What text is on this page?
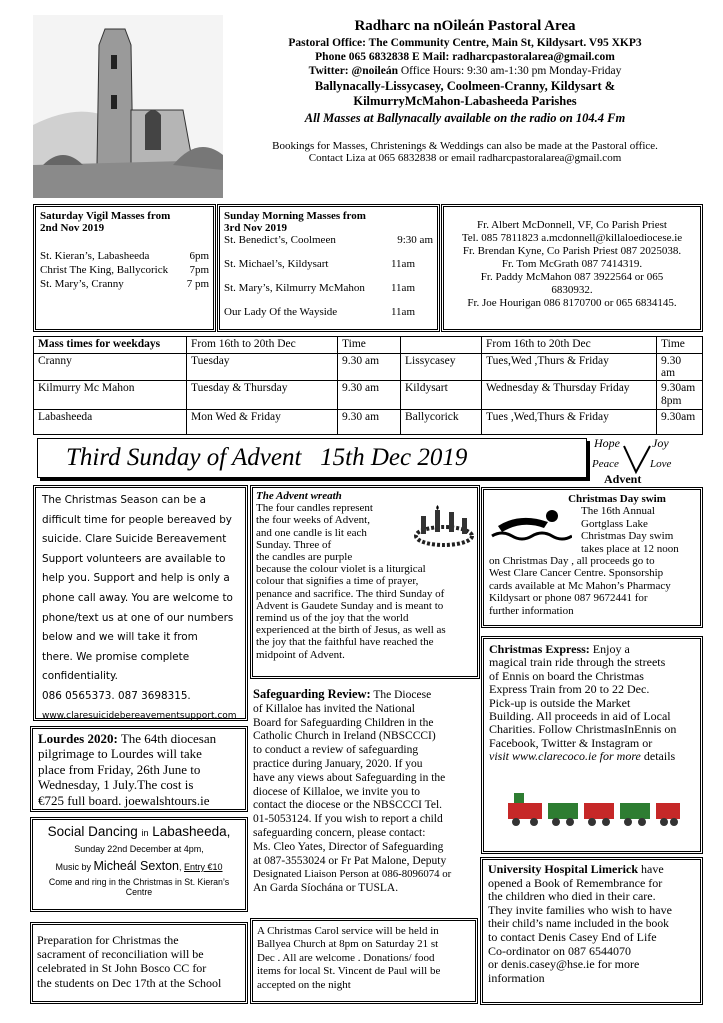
Radharc na nOileán Pastoral Area

Pastoral Office: The Community Centre, Main St, Kildysart. V95 XKP3

Phone 065 6832838 E Mail: radharcpastoralarea@gmail.com

Twitter: @noileán Office Hours: 9:30 am-1:30 pm Monday-Friday

Ballynacally-Lissycasey, Coolmeen-Cranny, Kildysart &

KilmurryMcMahon-Labasheeda Parishes

All Masses at Ballynacally available on the radio on 104.4 Fm

Bookings for Masses, Christenings & Weddings can also be made at the Pastoral office.

Contact Liza at 065 6832838 or email radharcpastoralarea@gmail.com

Saturday Vigil Masses from

2nd Nov 2019

St. Kieran’s, Labasheeda	6pm
Christ The King, Ballycorick 7pm
St. Mary’s, Cranny	7 pm

Sunday Morning Masses from

3rd Nov 2019

St. Benedict’s, Coolmeen	9:30 am
St. Michael’s, Kildysart	11am
St. Mary’s, Kilmurry McMahon 11am
Our Lady Of the Wayside	11am

Fr. Albert McDonnell, VF, Co Parish Priest

Tel. 085 7811823 a.mcdonnell@killaloediocese.ie

Fr. Brendan Kyne, Co Parish Priest 087 2025038.

Fr. Tom McGrath 087 7414319.

Fr. Paddy McMahon 087 3922564 or 065

6830932.

Fr. Joe Hourigan 086 8170700 or 065 6834145.

Mass times for weekdays	From 16th to 20th Dec	Time		From 16th to 20th Dec	Time
Cranny	Tuesday	9.30 am	Lissycasey	Tues,Wed ,Thurs & Friday	9.30 am
Kilmurry Mc Mahon	Tuesday & Thursday	9.30 am	Kildysart	Wednesday & Thursday Friday	9.30am 8pm
Labasheeda	Mon Wed & Friday	9.30 am	Ballycorick	Tues ,Wed,Thurs & Friday	9.30am

Third Sunday of Advent   15th Dec 2019

Hope	Joy
Peace	Love
Advent

The Christmas Season can be a

difficult time for people bereaved by

suicide. Clare Suicide Bereavement

Support volunteers are available to

help you. Support and help is only a

phone call away. You are welcome to

phone/text us at one of our numbers

below and we will take it from

there. We promise complete

confidentiality.

086 0565373. 087 3698315.

www.claresuicidebereavementsupport.com

The Advent wreath

The four candles represent

the four weeks of Advent,

and one candle is lit each

Sunday. Three of

the candles are purple

because the colour violet is a liturgical

colour that signifies a time of prayer,

penance and sacrifice. The third Sunday of

Advent is Gaudete Sunday and is meant to

remind us of the joy that the world

experienced at the birth of Jesus, as well as

the joy that the faithful have reached the

midpoint of Advent.

Christmas Day swim

The 16th Annual

Gortglass Lake

Christmas Day swim

takes place at 12 noon

on Christmas Day , all proceeds go to

West Clare Cancer Centre. Sponsorship

cards available at Mc Mahon’s Pharmacy

Kildysart or phone 087 9672441 for

further information

Christmas Express: Enjoy a

magical train ride through the streets

of Ennis on board the Christmas

Express Train from 20 to 22 Dec.

Pick-up is outside the Market

Building. All proceeds in aid of Local

Charities. Follow ChristmasInEnnis on

Facebook, Twitter & Instagram or

visit www.clarecoco.ie for more details

Lourdes 2020: The 64th diocesan

pilgrimage to Lourdes will take

place from Friday, 26th June to

Wednesday, 1 July.The cost is

€725 full board. joewalshtours.ie

Safeguarding Review: The Diocese

of Killaloe has invited the National

Board for Safeguarding Children in the

Catholic Church in Ireland (NBSCCCI)

to conduct a review of safeguarding

practice during January, 2020. If you

have any views about Safeguarding in the

diocese of Killaloe, we invite you to

contact the diocese or the NBSCCCI Tel.

01-5053124. If you wish to report a child

safeguarding concern, please contact:

Ms. Cleo Yates, Director of Safeguarding

at 087-3553024 or Fr Pat Malone, Deputy

Designated Liaison Person at 086-8096074 or

An Garda Síochána or TUSLA.

Social Dancing in Labasheeda,

Sunday 22nd December at 4pm,

Music by Micheál Sexton, Entry €10

Come and ring in the Christmas in St. Kieran’s Centre

Preparation for Christmas the

sacrament of reconciliation will be

celebrated in St John Bosco CC for

the students on Dec 17th at the School

A Christmas Carol service will be held in

Ballyea Church at 8pm on Saturday 21 st

Dec . All are welcome . Donations/ food

items for local St. Vincent de Paul will be

accepted on the night

University Hospital Limerick have

opened a Book of Remembrance for

the children who died in their care.

They invite families who wish to have

their child’s name included in the book

to contact Denis Casey End of Life

Co-ordinator on 087 6544070

or denis.casey@hse.ie for more

information
